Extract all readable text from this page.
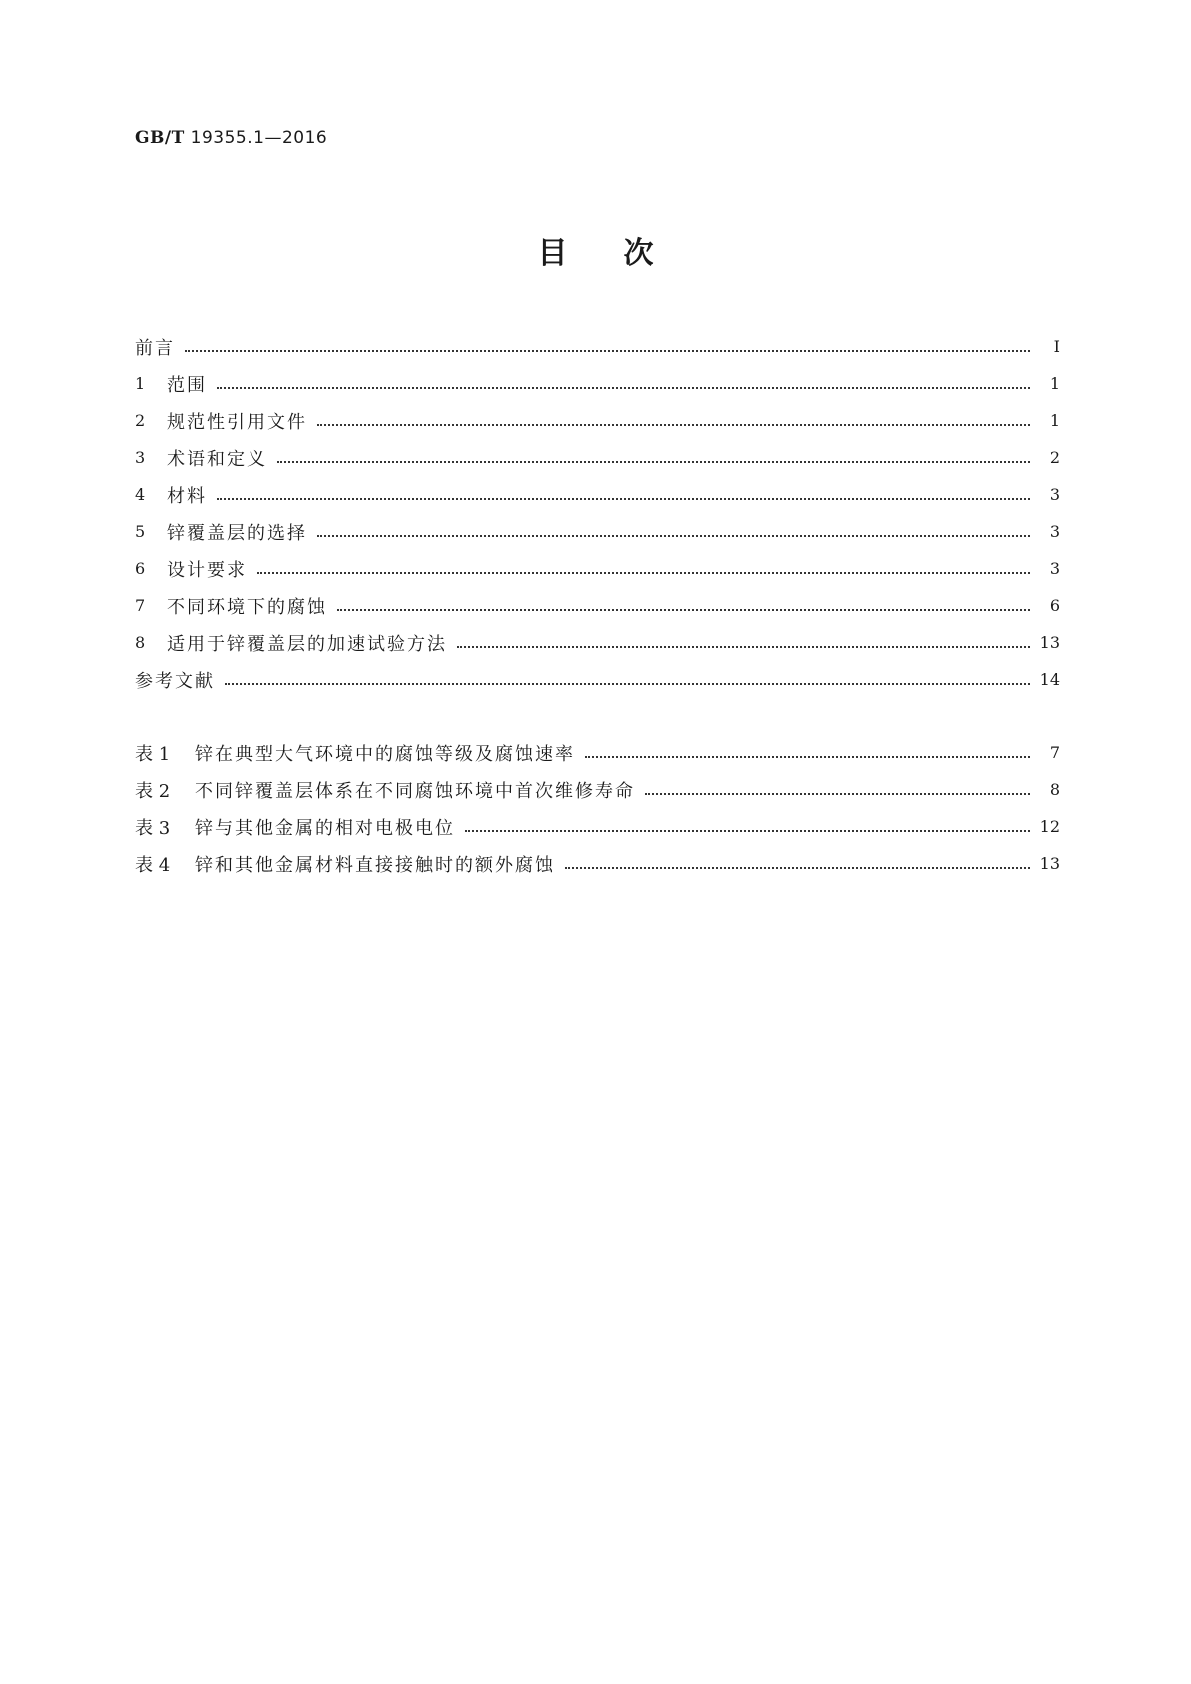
GB/T 19355.1—2016
目次
前言	Ⅰ
1	范围	1
2	规范性引用文件	1
3	术语和定义	2
4	材料	3
5	锌覆盖层的选择	3
6	设计要求	3
7	不同环境下的腐蚀	6
8	适用于锌覆盖层的加速试验方法	13
参考文献	14
表 1	锌在典型大气环境中的腐蚀等级及腐蚀速率	7
表 2	不同锌覆盖层体系在不同腐蚀环境中首次维修寿命	8
表 3	锌与其他金属的相对电极电位	12
表 4	锌和其他金属材料直接接触时的额外腐蚀	13
